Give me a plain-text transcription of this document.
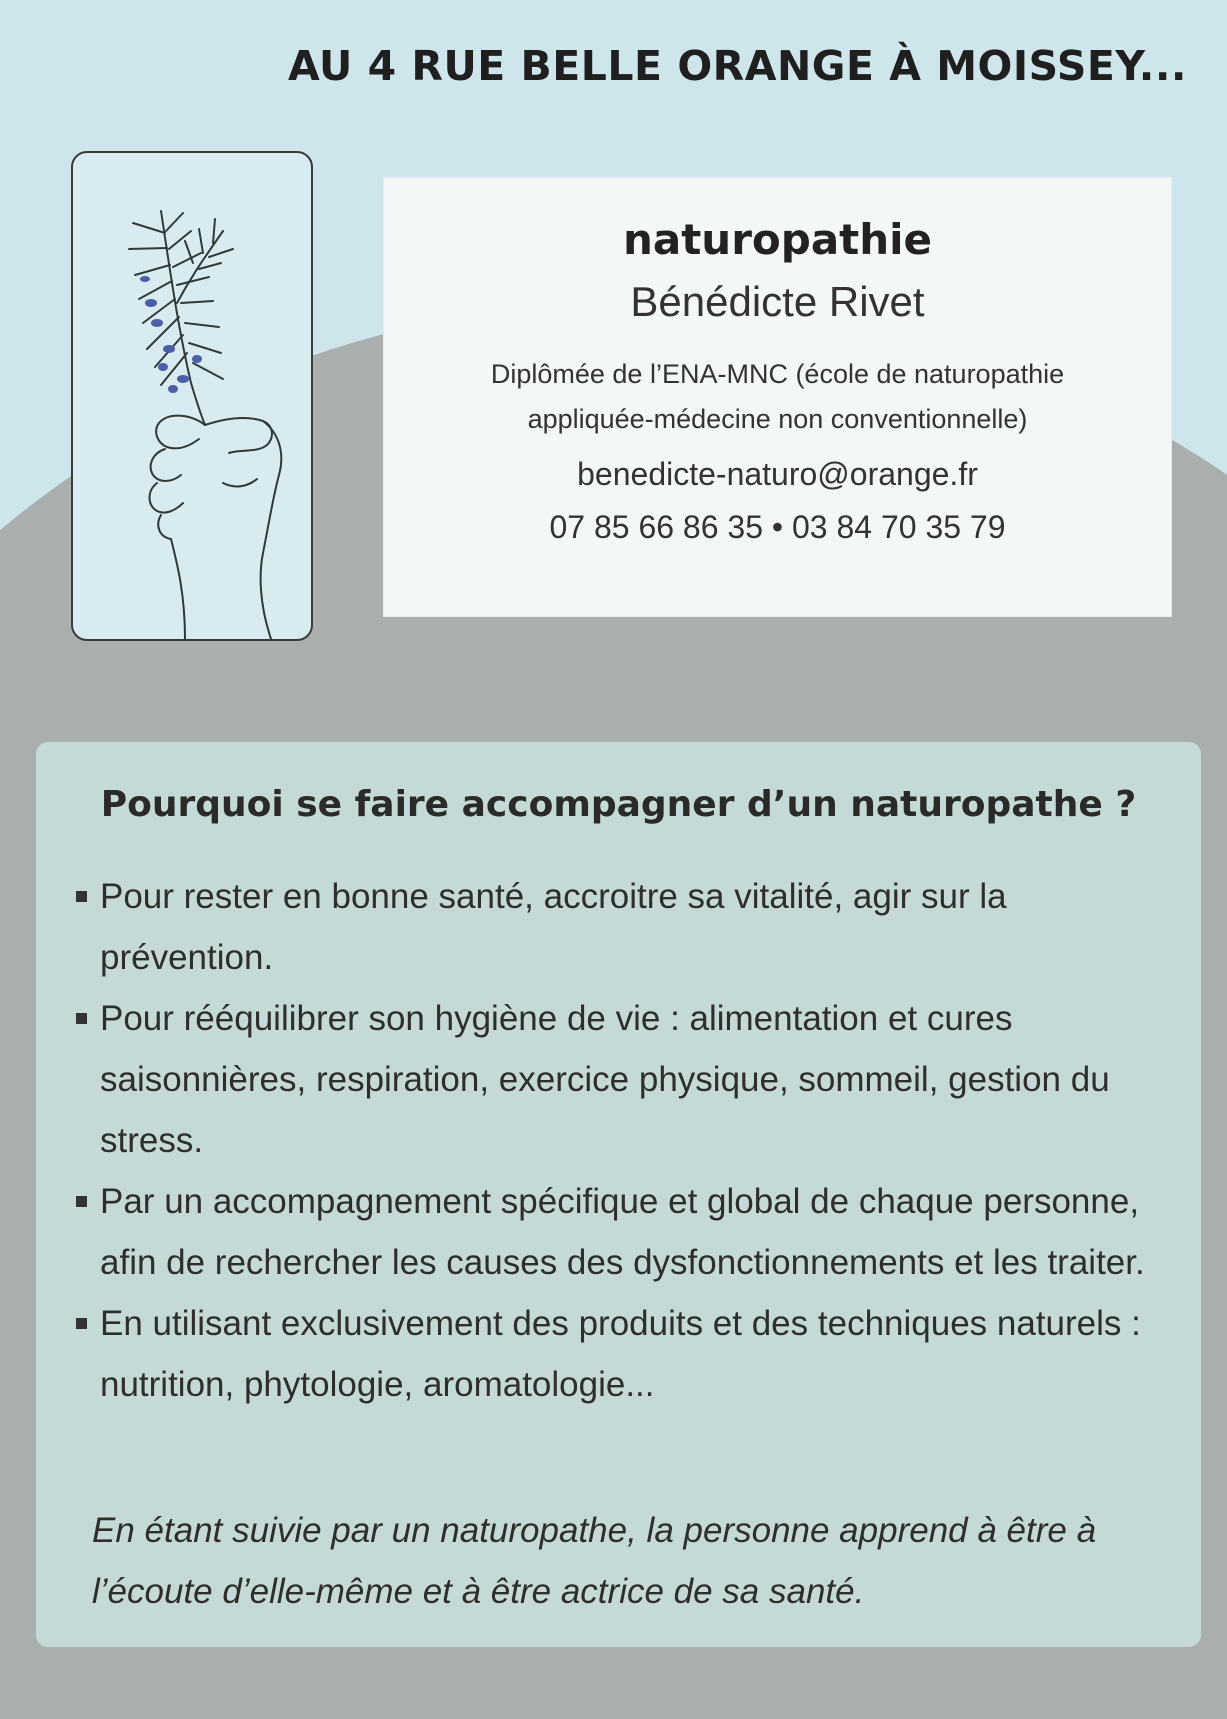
AU 4 RUE BELLE ORANGE À MOISSEY...
naturopathie
Bénédicte Rivet
Diplômée de l’ENA-MNC (école de naturopathie
appliquée-médecine non conventionnelle)
benedicte-naturo@orange.fr
07 85 66 86 35 • 03 84 70 35 79
Pourquoi se faire accompagner d’un naturopathe ?
Pour rester en bonne santé, accroitre sa vitalité, agir sur la prévention.
Pour rééquilibrer son hygiène de vie : alimentation et cures saisonnières, respiration, exercice physique, sommeil, gestion du stress.
Par un accompagnement spécifique et global de chaque personne, afin de rechercher les causes des dysfonctionnements et les traiter.
En utilisant exclusivement des produits et des techniques naturels : nutrition, phytologie, aromatologie...
En étant suivie par un naturopathe, la personne apprend à être à l’écoute d’elle-même et à être actrice de sa santé.
